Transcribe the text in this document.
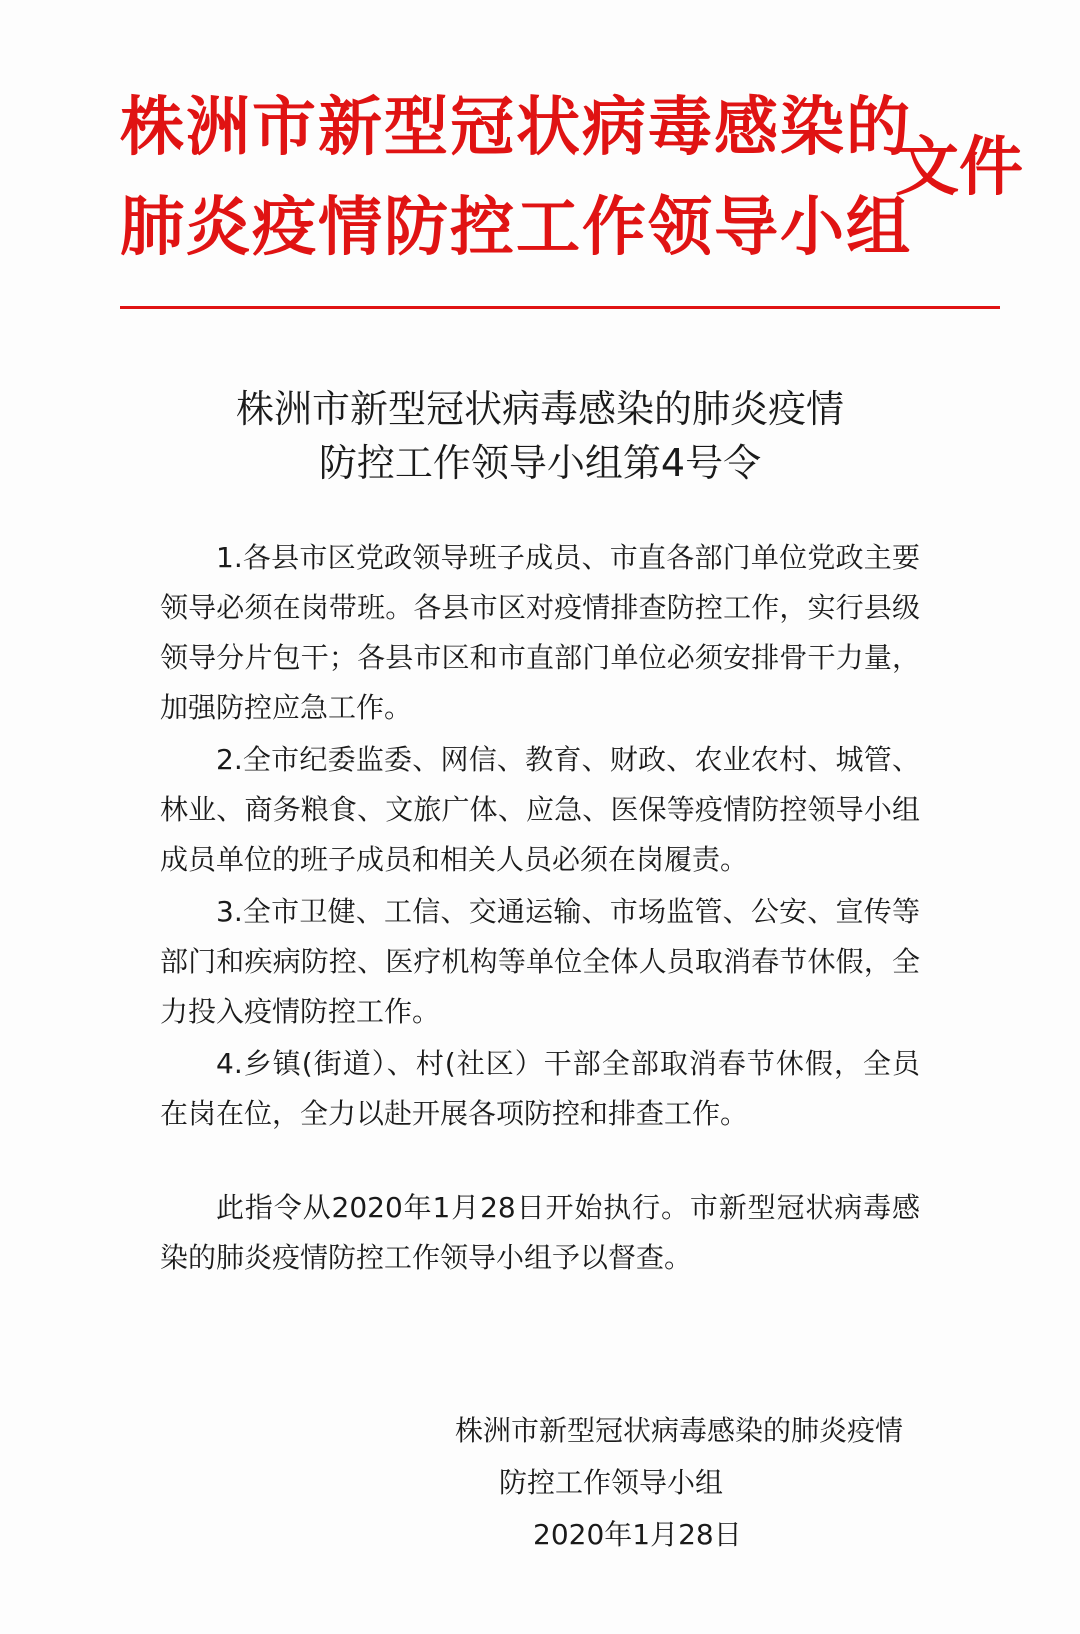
株洲市新型冠状病毒感染的
肺炎疫情防控工作领导小组
文件
株洲市新型冠状病毒感染的肺炎疫情
防控工作领导小组第4号令

1.各县市区党政领导班子成员、市直各部门单位党政主要领导必须在岗带班。各县市区对疫情排查防控工作，实行县级领导分片包干；各县市区和市直部门单位必须安排骨干力量，加强防控应急工作。

2.全市纪委监委、网信、教育、财政、农业农村、城管、林业、商务粮食、文旅广体、应急、医保等疫情防控领导小组成员单位的班子成员和相关人员必须在岗履责。

3.全市卫健、工信、交通运输、市场监管、公安、宣传等部门和疾病防控、医疗机构等单位全体人员取消春节休假，全力投入疫情防控工作。

4.乡镇(街道）、村(社区）干部全部取消春节休假，全员在岗在位，全力以赴开展各项防控和排查工作。

此指令从2020年1月28日开始执行。市新型冠状病毒感染的肺炎疫情防控工作领导小组予以督查。

株洲市新型冠状病毒感染的肺炎疫情
防控工作领导小组
2020年1月28日
